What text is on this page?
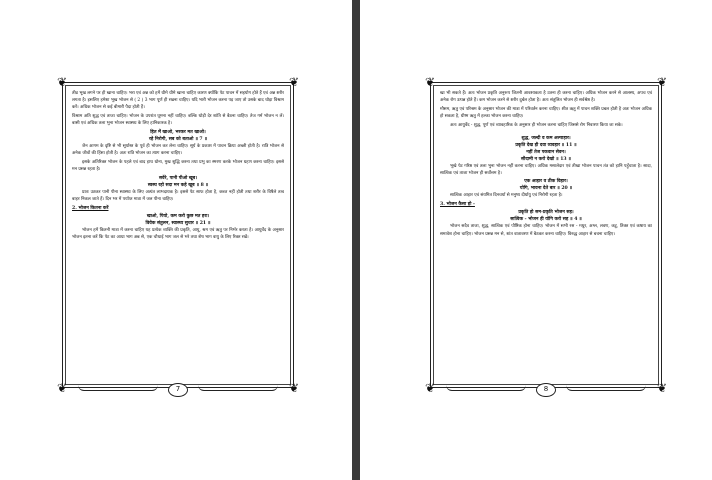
❦	❦
❦	❦
तीव्र भूख लगने पर ही खाना चाहिए। भरा एवं अन्न को हमें धीमे धीमे खाना चाहिए कारण क्योंकि पेट पाचन में सहयोग होते हैं एवं अन्न शरीर लगता है। इसलिए हमेशा भूख भोजन से ( 2 ) 3 भाग पूर्ण ही रखना चाहिए। यदि भारी भोजन करना पड़ जाए तो उसके बाद थोड़ा विश्राम करें। अधिक भोजन से कई बीमारी पैदा होती हैं।
विश्राम अति शुद्ध एवं ताजा चाहिए। भोजन के उपरांत घूमना नहीं चाहिए। बल्कि थोड़ी देर शांति से बैठना चाहिए। तेज गर्म भोजन न लें। बासी एवं अधिक तला भुना भोजन स्वास्थ्य के लिए हानिकारक है।
हित में खाओ, भरकर मत खाओ।
रहे निरोगी, सब को बताओ ॥ 7 ॥
जैन आगम के दृष्टि से भी सूर्यास्त के पूर्व ही भोजन कर लेना चाहिए। सूर्य के प्रकाश में पाचन क्रिया अच्छी होती है। रात्रि भोजन से अनेक जीवों की हिंसा होती है। अतः रात्रि भोजन का त्याग करना चाहिए।
इसके अतिरिक्त भोजन के पहले एवं बाद हाथ धोना, मुख शुद्धि करना तथा प्रभु का स्मरण करके भोजन ग्रहण करना चाहिए। इससे मन प्रसन्न रहता है।
सवेरे, पानी पीओ खूब।
स्वस्थ रहो सदा मन कहे खूब ॥ 8 ॥
प्रातः उठकर पानी पीना स्वास्थ्य के लिए अत्यंत लाभदायक है। इससे पेट साफ होता है, कब्ज नहीं होती तथा शरीर के विषैले तत्व बाहर निकल जाते हैं। दिन भर में पर्याप्त मात्रा में जल पीना चाहिए।
2. भोजन कितना करें
खाओ, पियो, कम करो कुछ मत हरा।
विवेक संतुलन, स्वास्थ्य सुधार ॥ 21 ॥
भोजन हमें कितनी मात्रा में करना चाहिए यह प्रत्येक व्यक्ति की प्रकृति, आयु, श्रम एवं ऋतु पर निर्भर करता है। आयुर्वेद के अनुसार भोजन इतना करें कि पेट का आधा भाग अन्न से, एक चौथाई भाग जल से भरे तथा शेष भाग वायु के लिए रिक्त रखें।
7
❦	❦
❦	❦
खा भी सकते हैं। अतः भोजन प्रकृति अनुरूप जितनी आवश्यकता है उतना ही करना चाहिए। अधिक भोजन करने से आलस्य, अपच एवं अनेक रोग उत्पन्न होते हैं। कम भोजन करने से शरीर दुर्बल होता है। अतः संतुलित भोजन ही सर्वश्रेष्ठ है।
मौसम, ऋतु एवं परिश्रम के अनुसार भोजन की मात्रा में परिवर्तन करना चाहिए। शीत ऋतु में पाचन शक्ति प्रबल होती है अतः भोजन अधिक हो सकता है, ग्रीष्म ऋतु में हल्का भोजन करना चाहिए।
अतः आयुर्वेद - शुद्ध, पूर्ण एवं व्यावहारिक के अनुसार ही भोजन करना चाहिए जिससे रोग निवारण किया जा सके।
शुद्ध, जल्दी व कम अल्पाहार।
प्रकृति देख ही दवा व्यवहार ॥ 11 ॥
नहीं तेज पकवान सेवन।
सौदामी न करो देखो ॥ 13 ॥
भूखे पेट गरिष्ठ एवं तला भुना भोजन नहीं करना चाहिए। अधिक मसालेदार एवं तीखा भोजन पाचन तंत्र को हानि पहुँचाता है। सादा, सात्विक एवं ताजा भोजन ही सर्वोत्तम है।
एक आहार व ठीक विहार।
योगि, भावना देते बार ॥ 20 ॥
सात्विक आहार एवं संयमित दिनचर्या से मनुष्य दीर्घायु एवं निरोगी रहता है।
3. भोजन कैसा हो -
प्रकृति हो सम-प्रकृति भोजन सह।
सात्विक - भोजन ही योगि करो सह ॥ 4 ॥
भोजन सदैव ताजा, शुद्ध, सात्विक एवं पौष्टिक होना चाहिए। भोजन में सभी रस - मधुर, अम्ल, लवण, कटु, तिक्त एवं कषाय का समावेश होना चाहिए। भोजन प्रसन्न मन से, शांत वातावरण में बैठकर करना चाहिए। विरुद्ध आहार से बचना चाहिए।
8
